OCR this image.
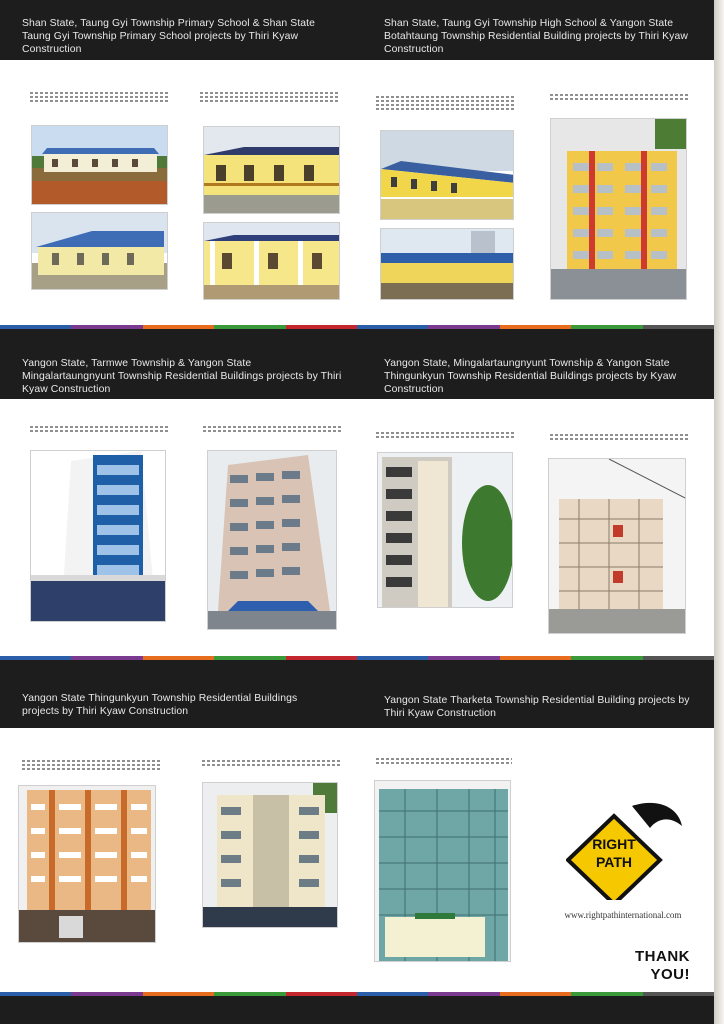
Shan State, Taung Gyi Township Primary School & Shan State Taung Gyi Township Primary School projects by Thiri Kyaw Construction
Shan State, Taung Gyi Township High School & Yangon State Botahtaung Township Residential Building projects by Thiri Kyaw Construction
Yangon State, Tarmwe Township & Yangon State Mingalartaungnyunt Township Residential Buildings projects by Thiri Kyaw Construction
Yangon State, Mingalartaungnyunt Township & Yangon State Thingunkyun Township Residential Buildings projects by Kyaw Construction
Yangon State Thingunkyun Township Residential Buildings projects by Thiri Kyaw Construction
Yangon State Tharketa Township Residential Building projects by Thiri Kyaw Construction
RIGHT
PATH
www.rightpathinternational.com
THANK
YOU!
